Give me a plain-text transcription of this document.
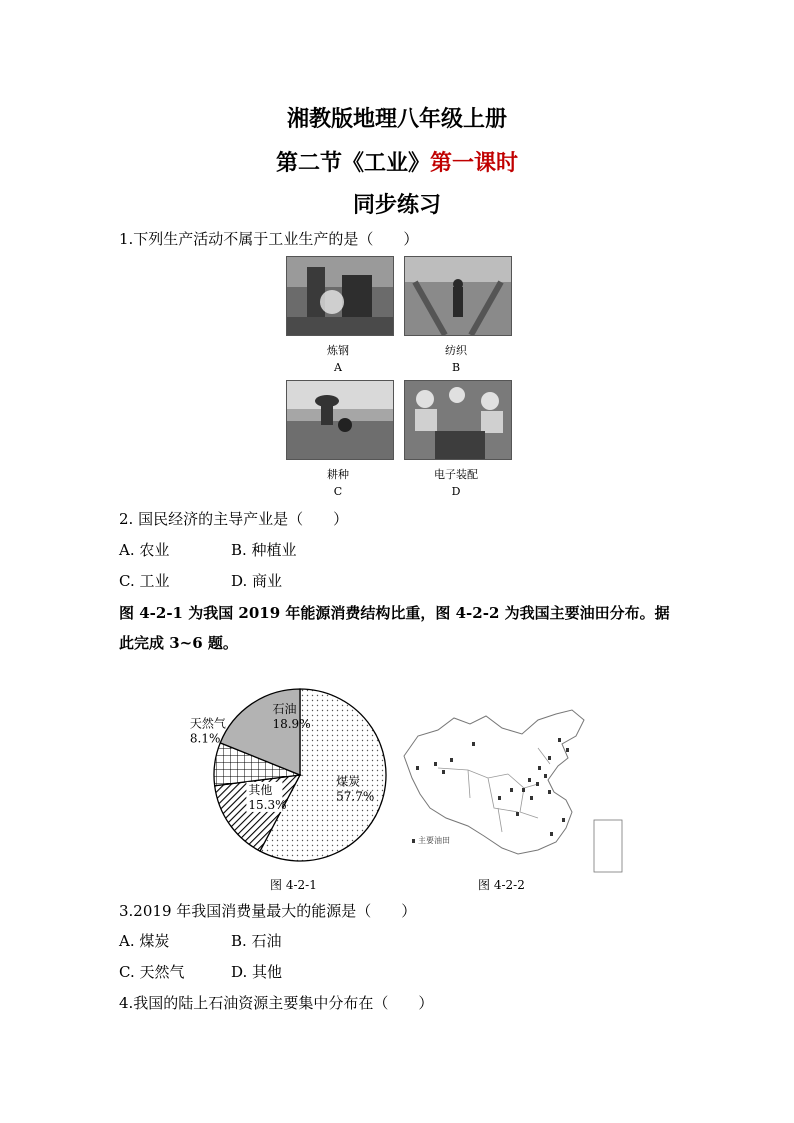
湘教版地理八年级上册
第二节《工业》第一课时
同步练习
1.下列生产活动不属于工业生产的是（　　）
炼钢	纺织
A	B
耕种	电子装配
C	D
2. 国民经济的主导产业是（　　）
A. 农业	B. 种植业
C. 工业	D. 商业
图 4-2-1 为我国 2019 年能源消费结构比重，图 4-2-2 为我国主要油田分布。据
此完成 3~6 题。
煤炭
57.7%
其他
15.3%
天然气
8.1%
石油
18.9%
图 4-2-1
主要油田
图 4-2-2
3.2019 年我国消费量最大的能源是（　　）
A. 煤炭	B. 石油
C. 天然气	D. 其他
4.我国的陆上石油资源主要集中分布在（　　）
